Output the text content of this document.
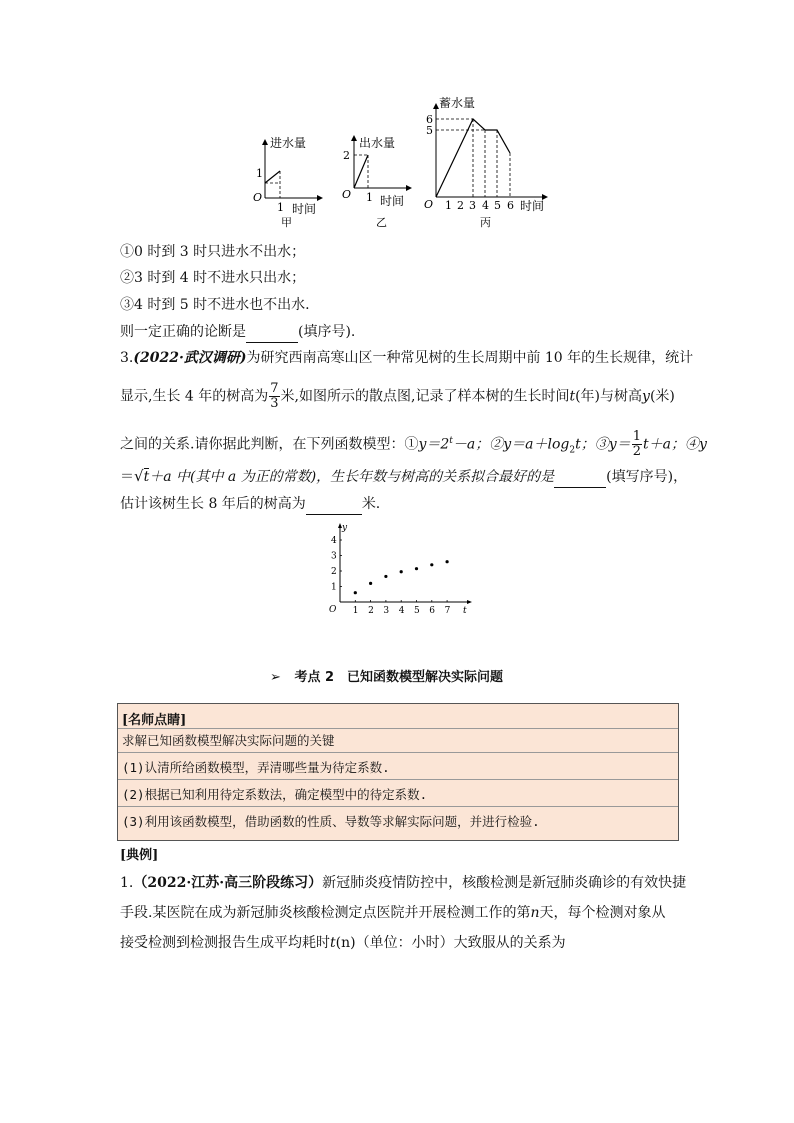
进水量
1
O
1 时间
甲
出水量
2
O 1 时间
乙
蓄水量
6
5
O 1 2 3 4 5 6 时间
丙
①0 时到 3 时只进水不出水；
②3 时到 4 时不进水只出水；
③4 时到 5 时不进水也不出水.
则一定正确的论断是	(填序号).
3.(2022·武汉调研)为研究西南高寒山区一种常见树的生长周期中前 10 年的生长规律，统计
显示,生长 4 年的树高为 $\frac{7}{3}$ 米,如图所示的散点图,记录了样本树的生长时间t(年)与树高y(米)
之间的关系.请你据此判断，在下列函数模型：$①y=2^t-a$；$②y=a+\log_2t$；③y＝ $\frac{1}{2} t+a$；④y
＝√t＋a 中(其中 a 为正的常数)，生长年数与树高的关系拟合最好的是	(填写序号)，
估计该树生长 8 年后的树高为	米.
O
y
t
1 2 3 4 5 6 7
1
2
3
4
➢ 考点 2　已知函数模型解决实际问题
[名师点睛]
求解已知函数模型解决实际问题的关键
(1)认清所给函数模型，弄清哪些量为待定系数.
(2)根据已知利用待定系数法，确定模型中的待定系数.
(3)利用该函数模型，借助函数的性质、导数等求解实际问题，并进行检验.
[典例]
1.（2022·江苏·高三阶段练习）新冠肺炎疫情防控中，核酸检测是新冠肺炎确诊的有效快捷
手段.某医院在成为新冠肺炎核酸检测定点医院并开展检测工作的第n天，每个检测对象从
接受检测到检测报告生成平均耗时t(n)（单位：小时）大致服从的关系为
